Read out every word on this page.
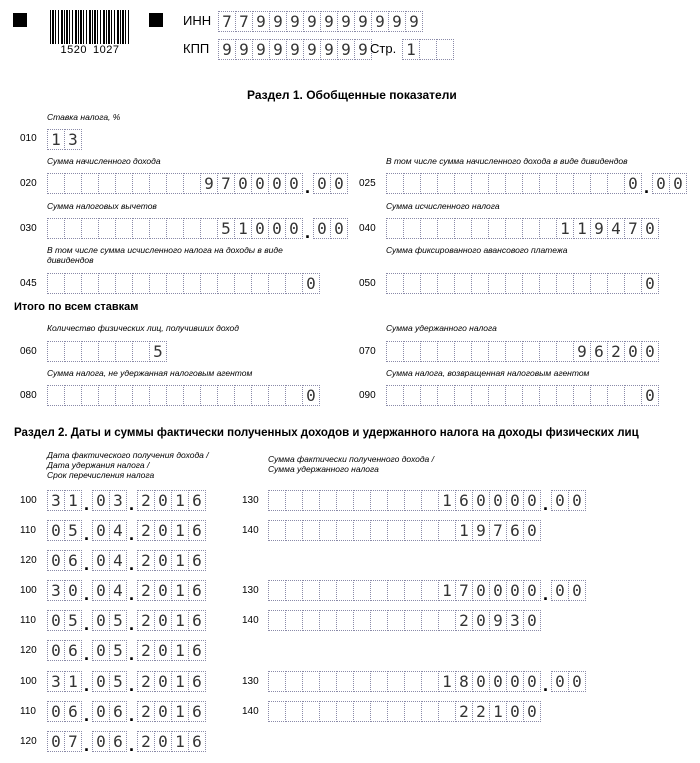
1520 1027
ИНН 7 7 9 9 9 9 9 9 9 9 9 9
КПП 9 9 9 9 9 9 9 9 9 Стр. 1
Раздел 1. Обобщенные показатели
Ставка налога, %
010 1 3
Сумма начисленного дохода
020	9 7 0 0 0 0 . 0 0
В том числе сумма начисленного дохода в виде дивидендов
025	0 . 0 0
Сумма налоговых вычетов
030	5 1 0 0 0 . 0 0
Сумма исчисленного налога
040	1 1 9 4 7 0
В том числе сумма исчисленного налога на доходы в виде
дивидендов
045	0
Сумма фиксированного авансового платежа
050	0
Итого по всем ставкам
Количество физических лиц, получивших доход
060	5
Сумма удержанного налога
070	9 6 2 0 0
Сумма налога, не удержанная налоговым агентом
080	0
Сумма налога, возвращенная налоговым агентом
090	0
Раздел 2. Даты и суммы фактически полученных доходов и удержанного налога на доходы физических лиц
Дата фактического получения дохода /
Дата удержания налога /
Срок перечисления налога
Сумма фактически полученного дохода /
Сумма удержанного налога
100 3 1 . 0 3 . 2 0 1 6
110 0 5 . 0 4 . 2 0 1 6
120 0 6 . 0 4 . 2 0 1 6
130	1 6 0 0 0 0 . 0 0
140	1 9 7 6 0
100 3 0 . 0 4 . 2 0 1 6
110 0 5 . 0 5 . 2 0 1 6
120 0 6 . 0 5 . 2 0 1 6
130	1 7 0 0 0 0 . 0 0
140	2 0 9 3 0
100 3 1 . 0 5 . 2 0 1 6
110 0 6 . 0 6 . 2 0 1 6
120 0 7 . 0 6 . 2 0 1 6
130	1 8 0 0 0 0 . 0 0
140	2 2 1 0 0
